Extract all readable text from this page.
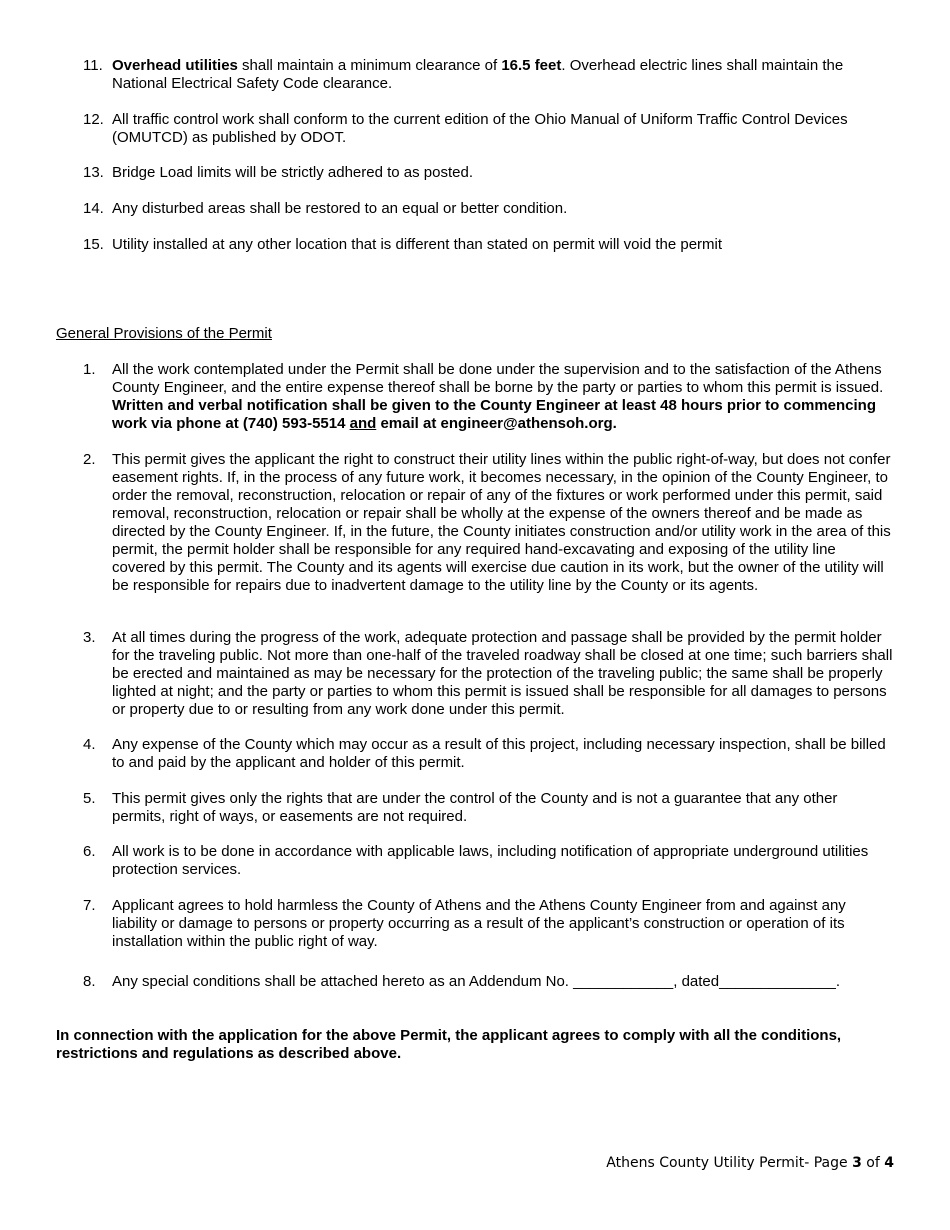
11. Overhead utilities shall maintain a minimum clearance of 16.5 feet. Overhead electric lines shall maintain the National Electrical Safety Code clearance.
12. All traffic control work shall conform to the current edition of the Ohio Manual of Uniform Traffic Control Devices (OMUTCD) as published by ODOT.
13. Bridge Load limits will be strictly adhered to as posted.
14. Any disturbed areas shall be restored to an equal or better condition.
15. Utility installed at any other location that is different than stated on permit will void the permit
General Provisions of the Permit
1.	All the work contemplated under the Permit shall be done under the supervision and to the satisfaction of the Athens County Engineer, and the entire expense thereof shall be borne by the party or parties to whom this permit is issued. Written and verbal notification shall be given to the County Engineer at least 48 hours prior to commencing work via phone at (740) 593-5514 and email at engineer@athensoh.org.
2.	This permit gives the applicant the right to construct their utility lines within the public right-of-way, but does not confer easement rights. If, in the process of any future work, it becomes necessary, in the opinion of the County Engineer, to order the removal, reconstruction, relocation or repair of any of the fixtures or work performed under this permit, said removal, reconstruction, relocation or repair shall be wholly at the expense of the owners thereof and be made as directed by the County Engineer. If, in the future, the County initiates construction and/or utility work in the area of this permit, the permit holder shall be responsible for any required hand-excavating and exposing of the utility line covered by this permit. The County and its agents will exercise due caution in its work, but the owner of the utility will be responsible for repairs due to inadvertent damage to the utility line by the County or its agents.
3.	At all times during the progress of the work, adequate protection and passage shall be provided by the permit holder for the traveling public. Not more than one-half of the traveled roadway shall be closed at one time; such barriers shall be erected and maintained as may be necessary for the protection of the traveling public; the same shall be properly lighted at night; and the party or parties to whom this permit is issued shall be responsible for all damages to persons or property due to or resulting from any work done under this permit.
4.	Any expense of the County which may occur as a result of this project, including necessary inspection, shall be billed to and paid by the applicant and holder of this permit.
5.	This permit gives only the rights that are under the control of the County and is not a guarantee that any other permits, right of ways, or easements are not required.
6.	All work is to be done in accordance with applicable laws, including notification of appropriate underground utilities protection services.
7.	Applicant agrees to hold harmless the County of Athens and the Athens County Engineer from and against any liability or damage to persons or property occurring as a result of the applicant’s construction or operation of its installation within the public right of way.
8.	Any special conditions shall be attached hereto as an Addendum No. ____________, dated______________.
In connection with the application for the above Permit, the applicant agrees to comply with all the conditions, restrictions and regulations as described above.
Athens County Utility Permit- Page 3 of 4
